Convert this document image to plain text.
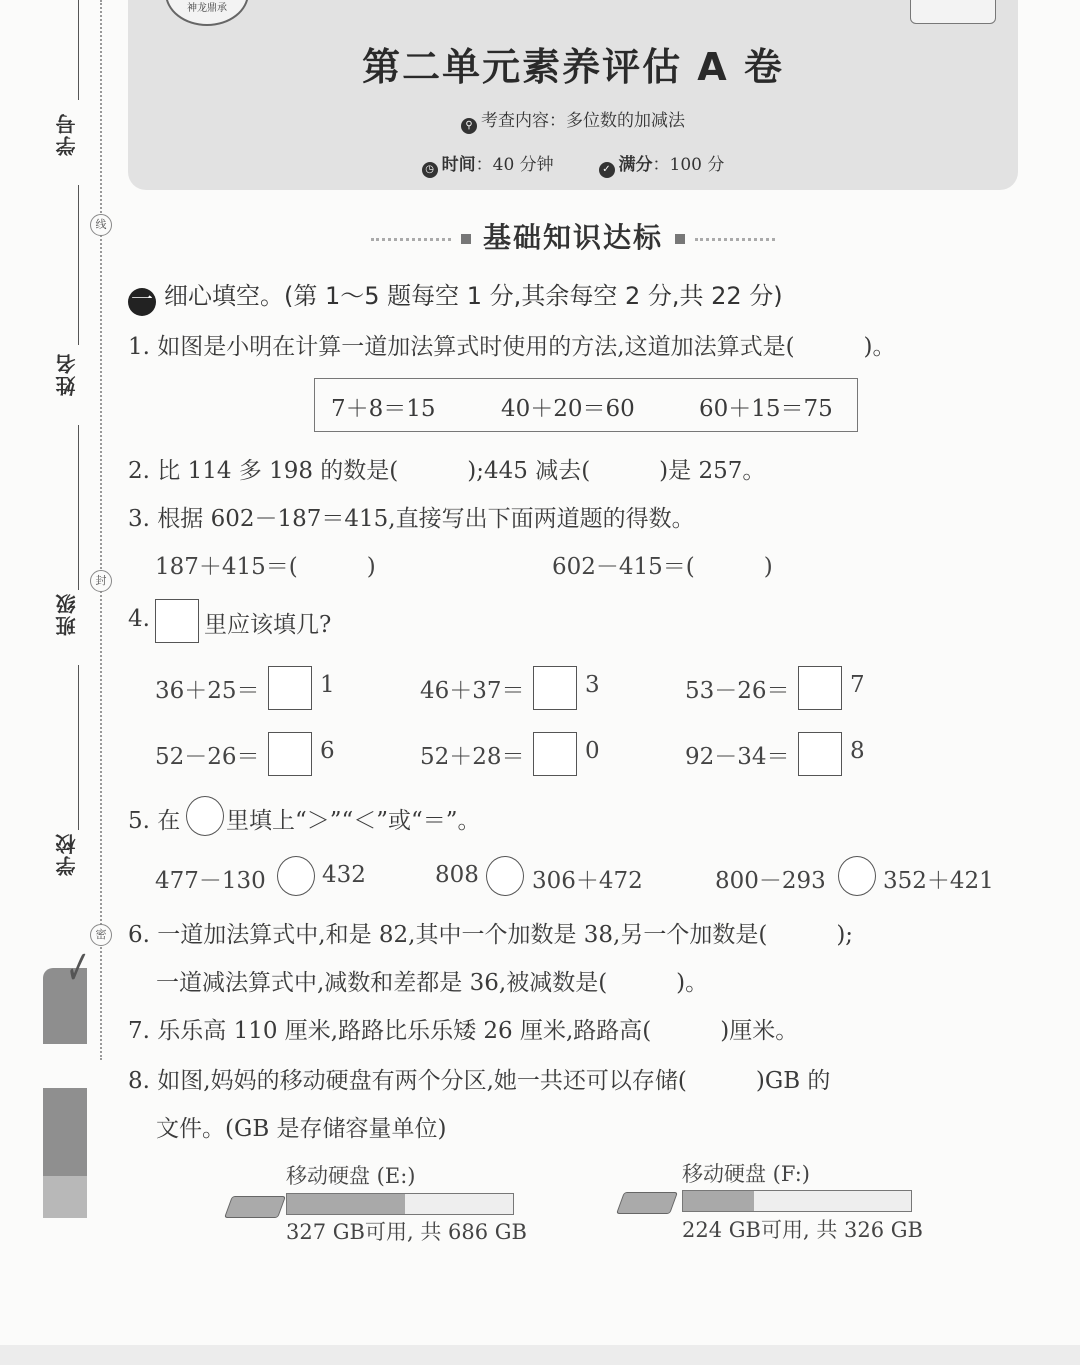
学号
姓名
班级
学校
线
封
密
✓
神龙鼎承
第二单元素养评估 A 卷
⚲ 考查内容：多位数的加减法
◷ 时间：40 分钟	✓ 满分：100 分
基础知识达标
一 细心填空。(第 1～5 题每空 1 分,其余每空 2 分,共 22 分)
1. 如图是小明在计算一道加法算式时使用的方法,这道加法算式是(　　　)。
7＋8＝15	40＋20＝60	60＋15＝75
2. 比 114 多 198 的数是(　　　);445 减去(　　　)是 257。
3. 根据 602－187＝415,直接写出下面两道题的得数。
187＋415＝(　　　)	602－415＝(　　　)
4. 里应该填几?
36＋25＝	1	46＋37＝	3	53－26＝	7
52－26＝	6	52＋28＝	0	92－34＝	8
5. 在 里填上“＞”“＜”或“＝”。
477－130 432	808 306＋472	800－293 352＋421
6. 一道加法算式中,和是 82,其中一个加数是 38,另一个加数是(　　　);
一道减法算式中,减数和差都是 36,被减数是(　　　)。
7. 乐乐高 110 厘米,路路比乐乐矮 26 厘米,路路高(　　　)厘米。
8. 如图,妈妈的移动硬盘有两个分区,她一共还可以存储(　　　)GB 的
文件。(GB 是存储容量单位)
移动硬盘 (E:)
327 GB可用, 共 686 GB
移动硬盘 (F:)
224 GB可用, 共 326 GB
